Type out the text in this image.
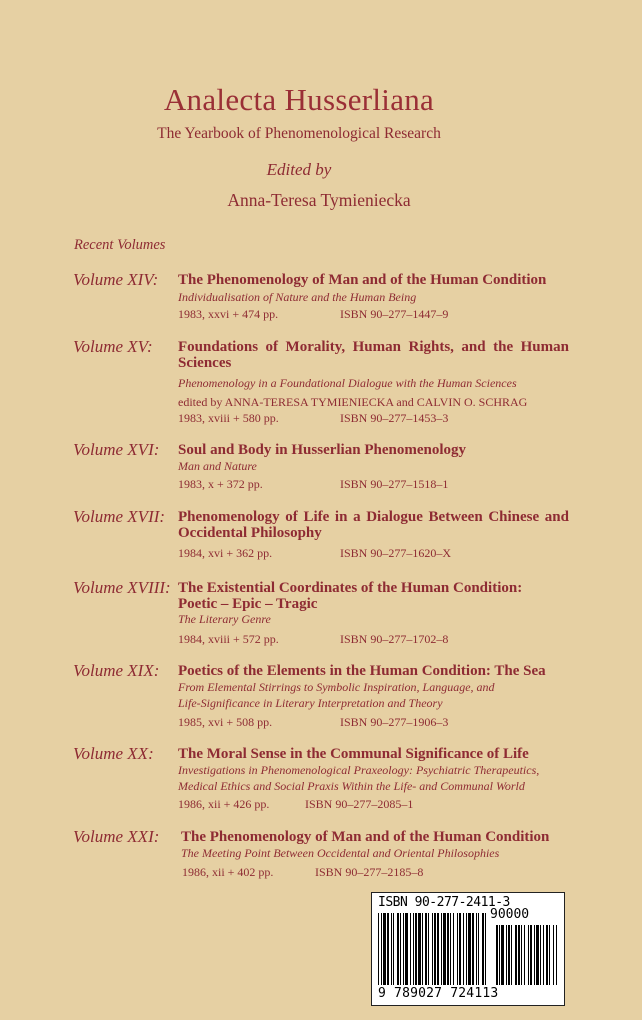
Analecta Husserliana
The Yearbook of Phenomenological Research
Edited by
Anna-Teresa Tymieniecka
Recent Volumes
Volume XIV: The Phenomenology of Man and of the Human Condition
Individualisation of Nature and the Human Being
1983, xxvi + 474 pp.	ISBN 90–277–1447–9
Volume XV: Foundations of Morality, Human Rights, and the Human Sciences
Phenomenology in a Foundational Dialogue with the Human Sciences
edited by ANNA-TERESA TYMIENIECKA and CALVIN O. SCHRAG
1983, xviii + 580 pp.	ISBN 90–277–1453–3
Volume XVI: Soul and Body in Husserlian Phenomenology
Man and Nature
1983, x + 372 pp.	ISBN 90–277–1518–1
Volume XVII: Phenomenology of Life in a Dialogue Between Chinese and Occidental Philosophy
1984, xvi + 362 pp.	ISBN 90–277–1620–X
Volume XVIII: The Existential Coordinates of the Human Condition:
Poetic – Epic – Tragic
The Literary Genre
1984, xviii + 572 pp.	ISBN 90–277–1702–8
Volume XIX: Poetics of the Elements in the Human Condition: The Sea
From Elemental Stirrings to Symbolic Inspiration, Language, and
Life-Significance in Literary Interpretation and Theory
1985, xvi + 508 pp.	ISBN 90–277–1906–3
Volume XX: The Moral Sense in the Communal Significance of Life
Investigations in Phenomenological Praxeology: Psychiatric Therapeutics,
Medical Ethics and Social Praxis Within the Life- and Communal World
1986, xii + 426 pp.	ISBN 90–277–2085–1
Volume XXI: The Phenomenology of Man and of the Human Condition
The Meeting Point Between Occidental and Oriental Philosophies
1986, xii + 402 pp.	ISBN 90–277–2185–8
ISBN 90-277-2411-3
90000
9 789027 724113
